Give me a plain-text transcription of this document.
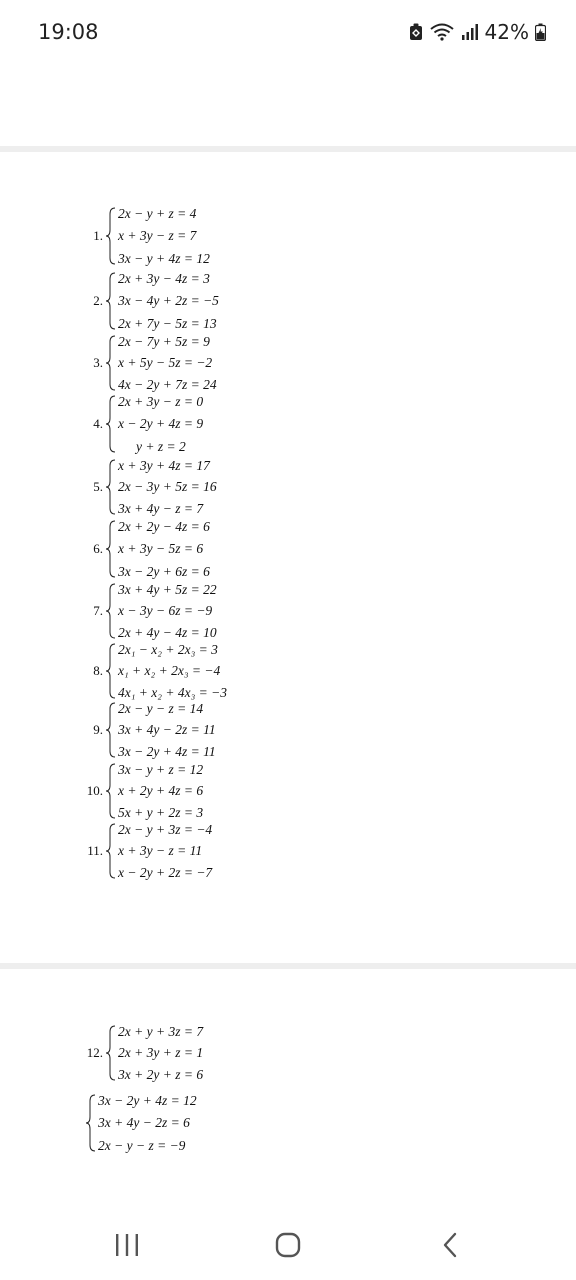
19:08	42%
1.
2x − y + z = 4
x + 3y − z = 7
3x − y + 4z = 12
2.
2x + 3y − 4z = 3
3x − 4y + 2z = −5
2x + 7y − 5z = 13
3.
2x − 7y + 5z = 9
x + 5y − 5z = −2
4x − 2y + 7z = 24
4.
2x + 3y − z = 0
x − 2y + 4z = 9
y + z = 2
5.
x + 3y + 4z = 17
2x − 3y + 5z = 16
3x + 4y − z = 7
6.
2x + 2y − 4z = 6
x + 3y − 5z = 6
3x − 2y + 6z = 6
7.
3x + 4y + 5z = 22
x − 3y − 6z = −9
2x + 4y − 4z = 10
8.
2x₁ − x₂ + 2x₃ = 3
x₁ + x₂ + 2x₃ = −4
4x₁ + x₂ + 4x₃ = −3
9.
2x − y − z = 14
3x + 4y − 2z = 11
3x − 2y + 4z = 11
10.
3x − y + z = 12
x + 2y + 4z = 6
5x + y + 2z = 3
11.
2x − y + 3z = −4
x + 3y − z = 11
x − 2y + 2z = −7
12.
2x + y + 3z = 7
2x + 3y + z = 1
3x + 2y + z = 6
3x − 2y + 4z = 12
3x + 4y − 2z = 6
2x − y − z = −9
